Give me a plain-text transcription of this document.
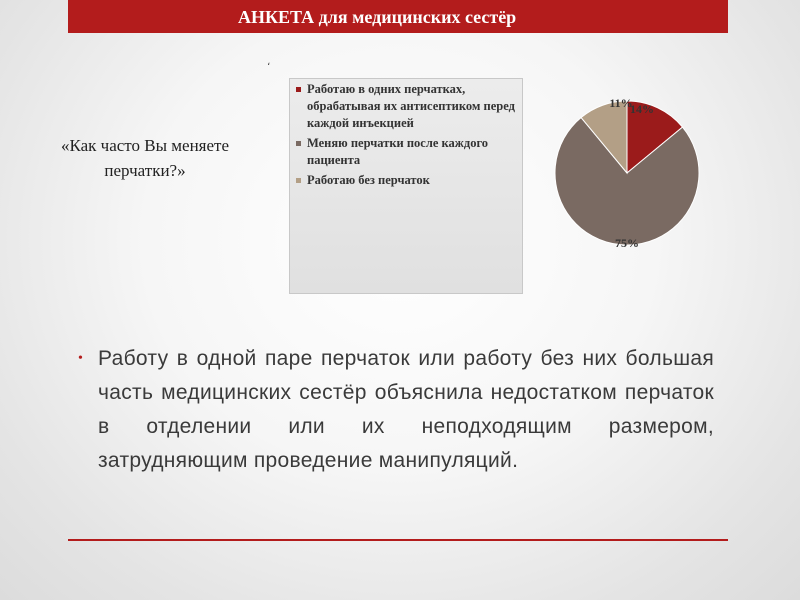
АНКЕТА для медицинских сестёр
،
«Как часто Вы меняете перчатки?»
Работаю в одних перчатках, обрабатывая их антисептиком перед каждой инъекцией
Меняю перчатки после каждого пациента
Работаю без перчаток
14%
75%
11%
• Работу в одной паре перчаток или работу без них большая часть медицинских сестёр объяснила недостатком перчаток в отделении или их неподходящим размером, затрудняющим проведение манипуляций.
